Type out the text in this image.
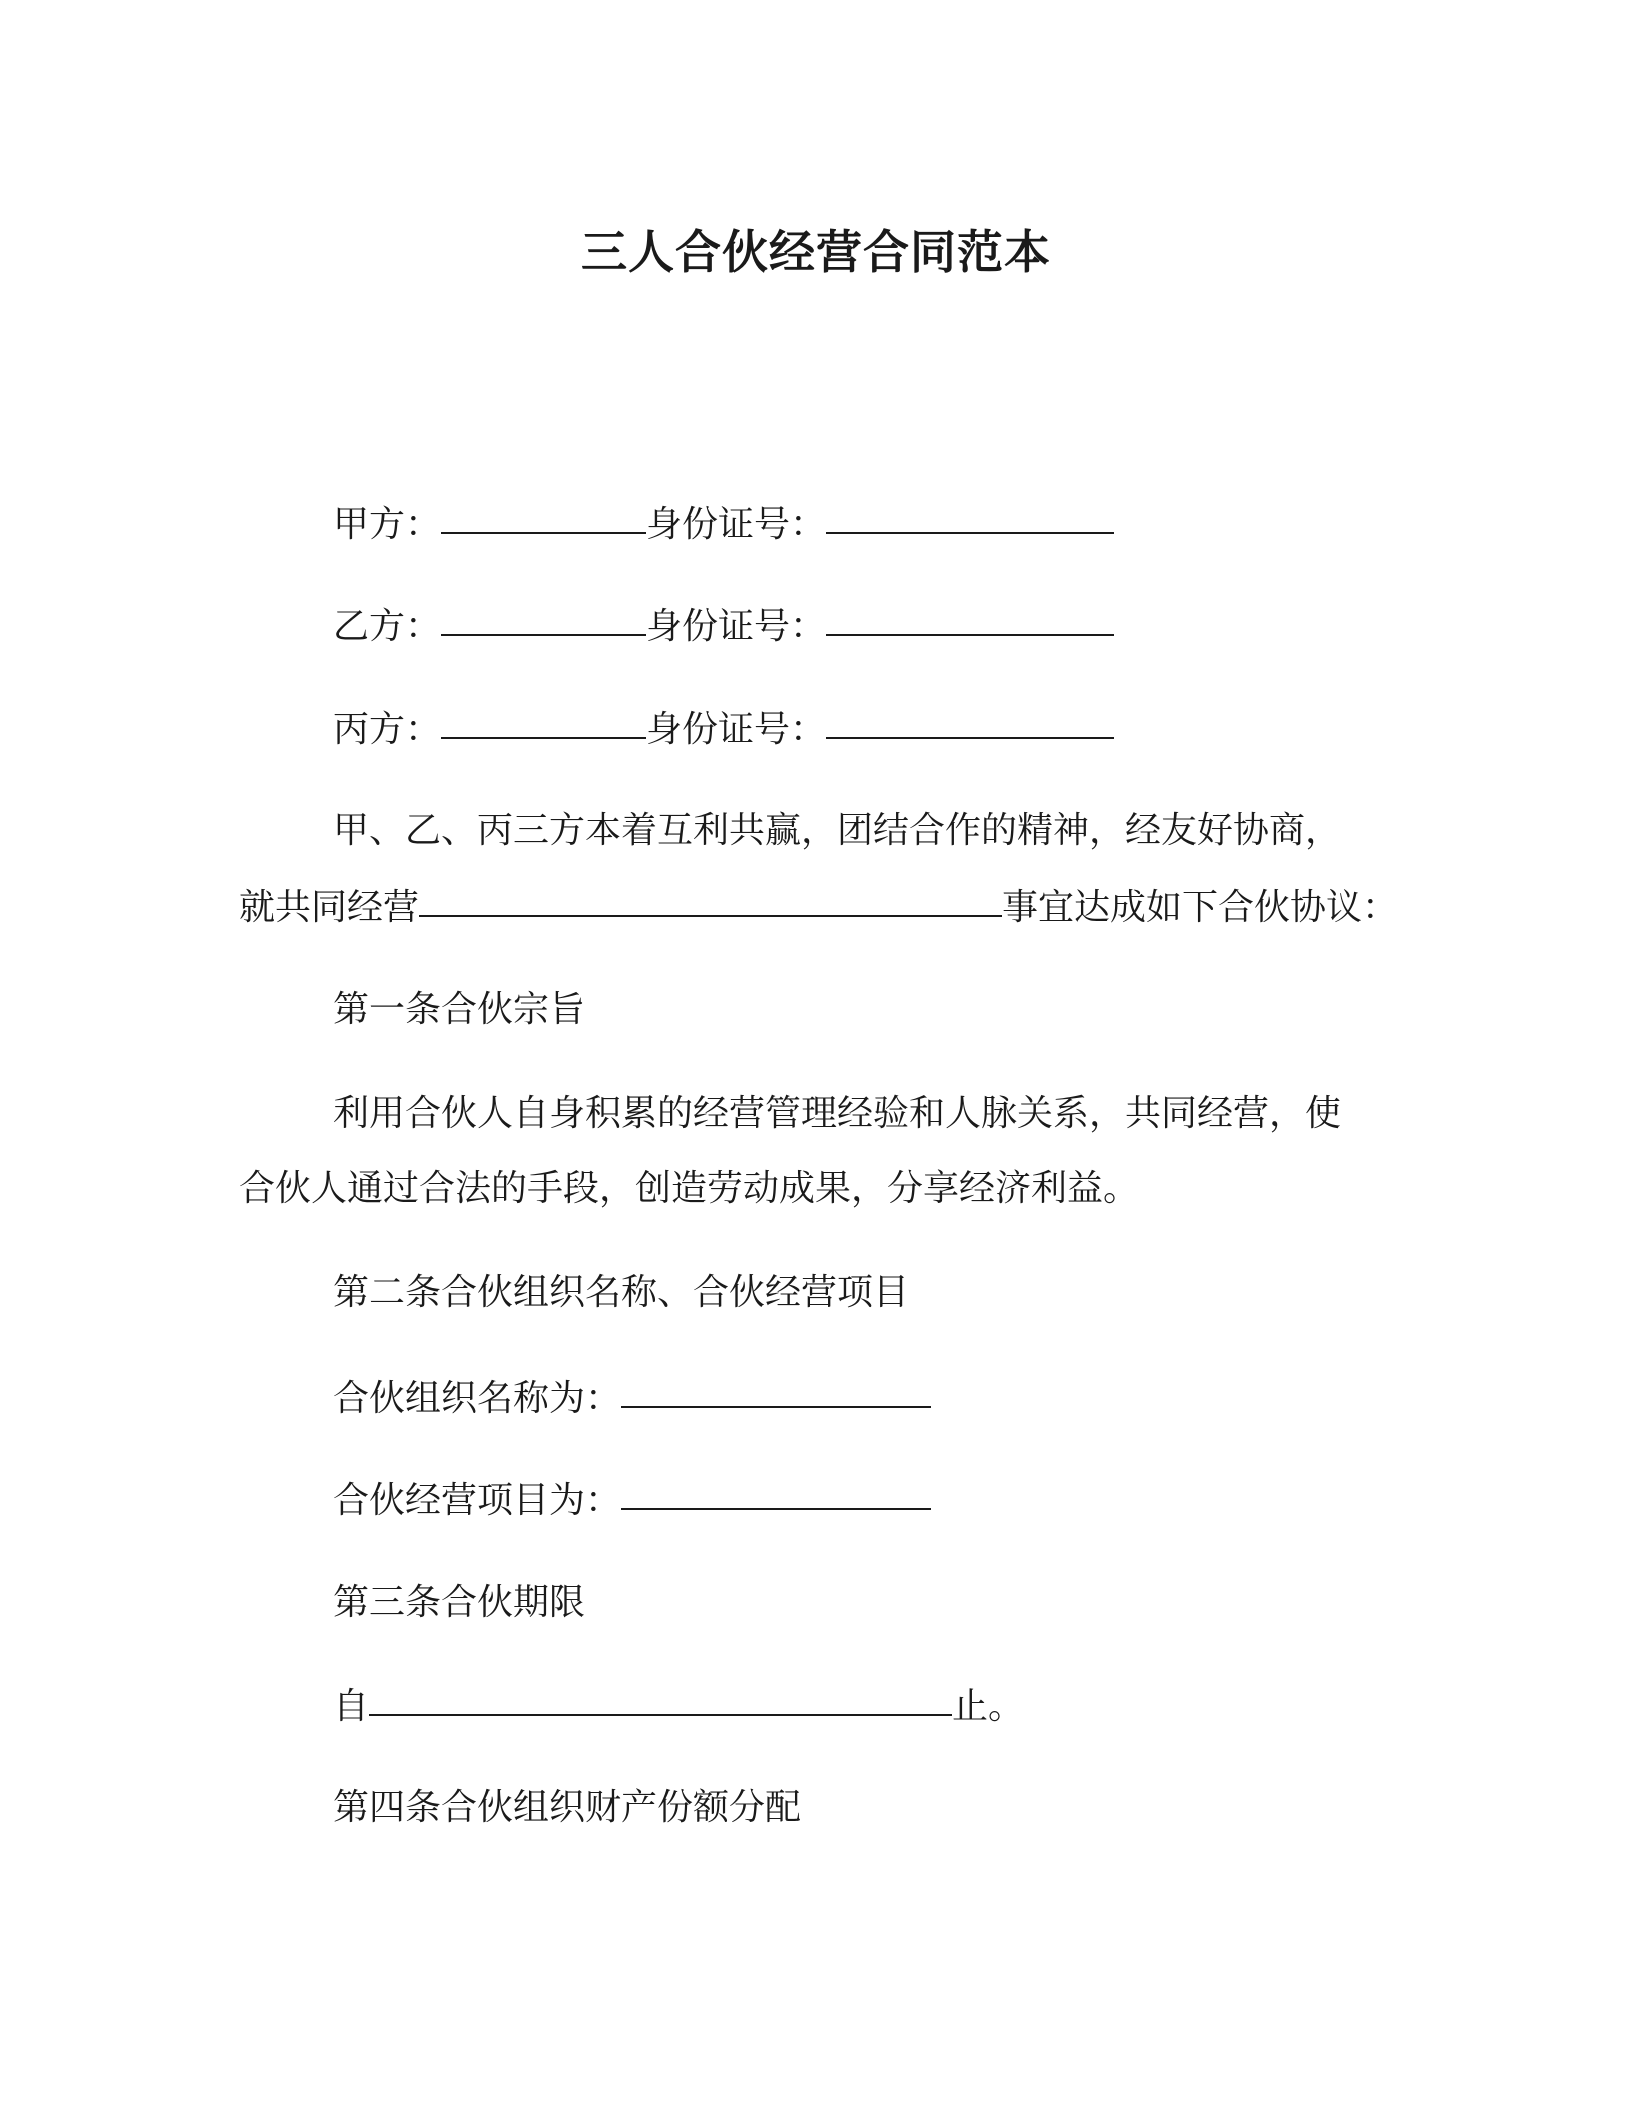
三人合伙经营合同范本
甲方：	身份证号：
乙方：	身份证号：
丙方：	身份证号：
甲、乙、丙三方本着互利共赢，团结合作的精神，经友好协商，
就共同经营	事宜达成如下合伙协议：
第一条合伙宗旨
利用合伙人自身积累的经营管理经验和人脉关系，共同经营，使
合伙人通过合法的手段，创造劳动成果，分享经济利益。
第二条合伙组织名称、合伙经营项目
合伙组织名称为：
合伙经营项目为：
第三条合伙期限
自	止。
第四条合伙组织财产份额分配
